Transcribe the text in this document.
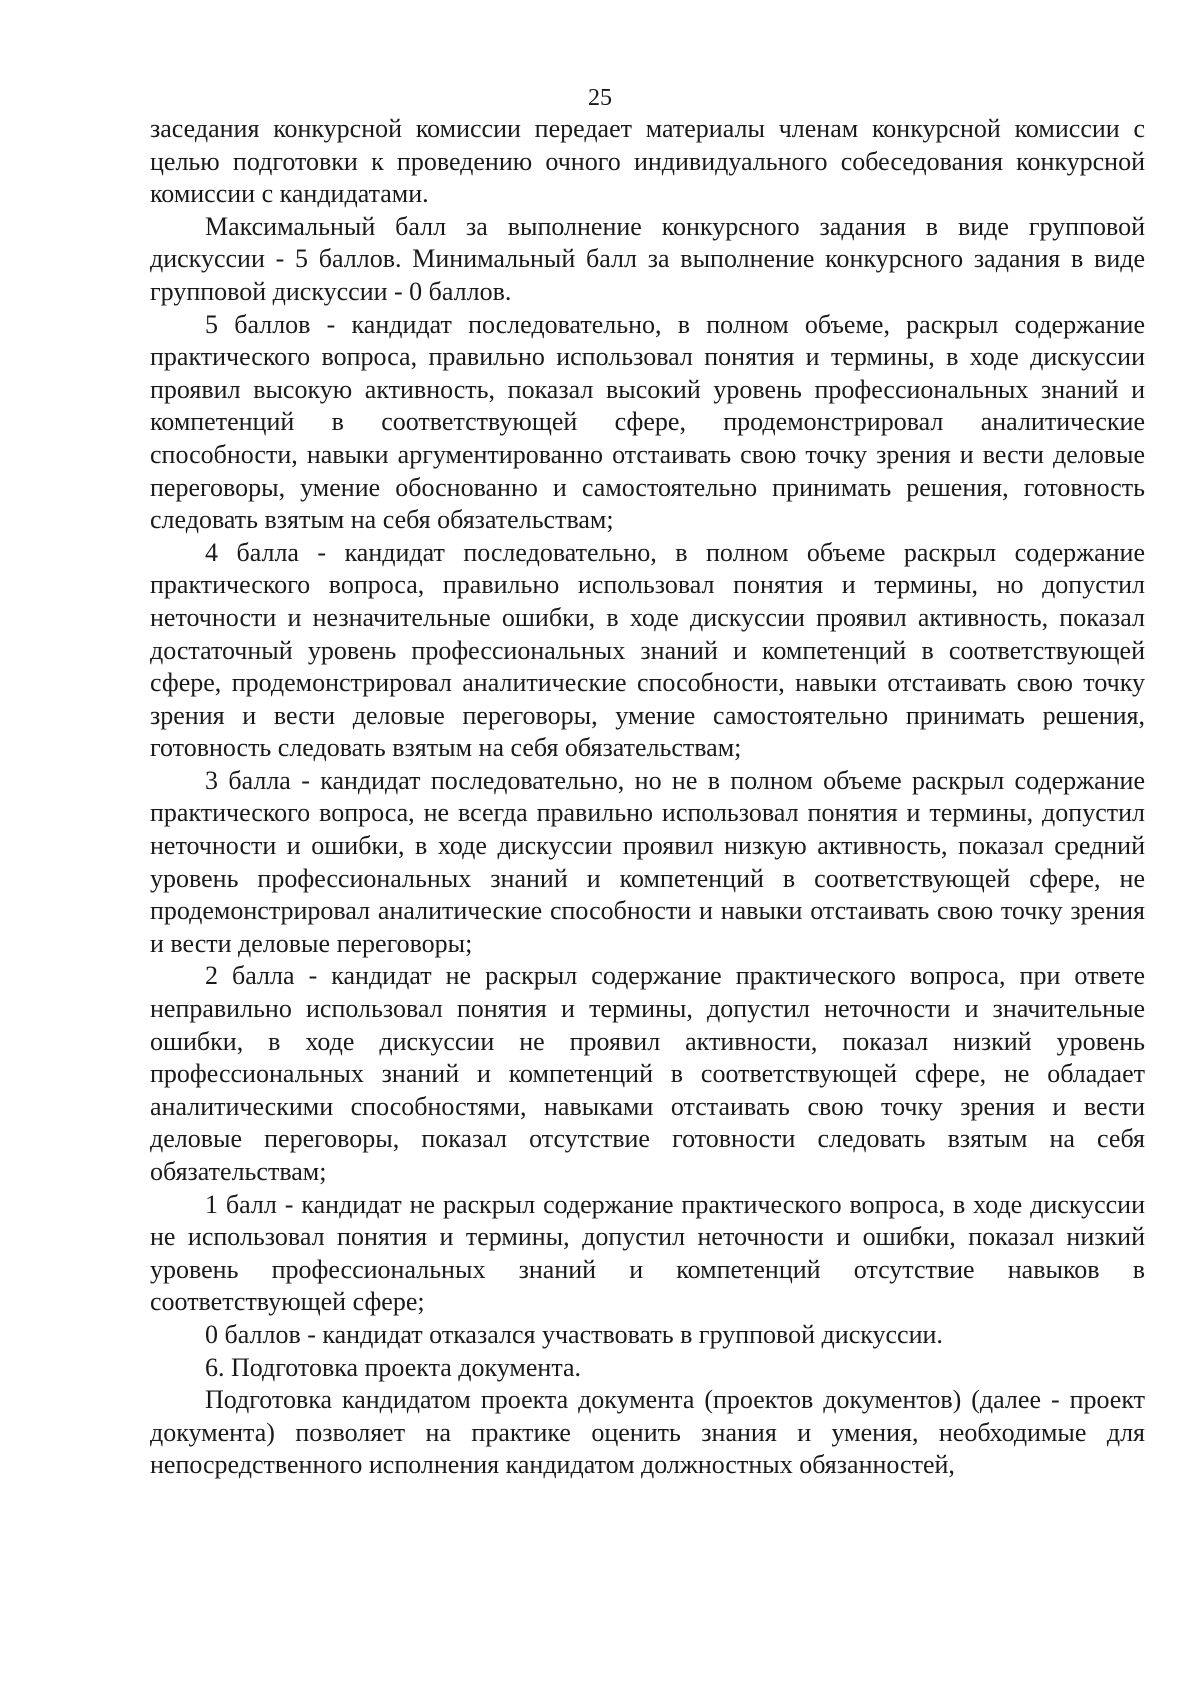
25

заседания конкурсной комиссии передает материалы членам конкурсной комиссии с целью подготовки к проведению очного индивидуального собеседования конкурсной комиссии с кандидатами.

Максимальный балл за выполнение конкурсного задания в виде групповой дискуссии - 5 баллов. Минимальный балл за выполнение конкурсного задания в виде групповой дискуссии - 0 баллов.

5 баллов - кандидат последовательно, в полном объеме, раскрыл содержание практического вопроса, правильно использовал понятия и термины, в ходе дискуссии проявил высокую активность, показал высокий уровень профессиональных знаний и компетенций в соответствующей сфере, продемонстрировал аналитические способности, навыки аргументированно отстаивать свою точку зрения и вести деловые переговоры, умение обоснованно и самостоятельно принимать решения, готовность следовать взятым на себя обязательствам;

4 балла - кандидат последовательно, в полном объеме раскрыл содержание практического вопроса, правильно использовал понятия и термины, но допустил неточности и незначительные ошибки, в ходе дискуссии проявил активность, показал достаточный уровень профессиональных знаний и компетенций в соответствующей сфере, продемонстрировал аналитические способности, навыки отстаивать свою точку зрения и вести деловые переговоры, умение самостоятельно принимать решения, готовность следовать взятым на себя обязательствам;

3 балла - кандидат последовательно, но не в полном объеме раскрыл содержание практического вопроса, не всегда правильно использовал понятия и термины, допустил неточности и ошибки, в ходе дискуссии проявил низкую активность, показал средний уровень профессиональных знаний и компетенций в соответствующей сфере, не продемонстрировал аналитические способности и навыки отстаивать свою точку зрения и вести деловые переговоры;

2 балла - кандидат не раскрыл содержание практического вопроса, при ответе неправильно использовал понятия и термины, допустил неточности и значительные ошибки, в ходе дискуссии не проявил активности, показал низкий уровень профессиональных знаний и компетенций в соответствующей сфере, не обладает аналитическими способностями, навыками отстаивать свою точку зрения и вести деловые переговоры, показал отсутствие готовности следовать взятым на себя обязательствам;

1 балл - кандидат не раскрыл содержание практического вопроса, в ходе дискуссии не использовал понятия и термины, допустил неточности и ошибки, показал низкий уровень профессиональных знаний и компетенций отсутствие навыков в соответствующей сфере;

0 баллов - кандидат отказался участвовать в групповой дискуссии.

6. Подготовка проекта документа.

Подготовка кандидатом проекта документа (проектов документов) (далее - проект документа) позволяет на практике оценить знания и умения, необходимые для непосредственного исполнения кандидатом должностных обязанностей,
